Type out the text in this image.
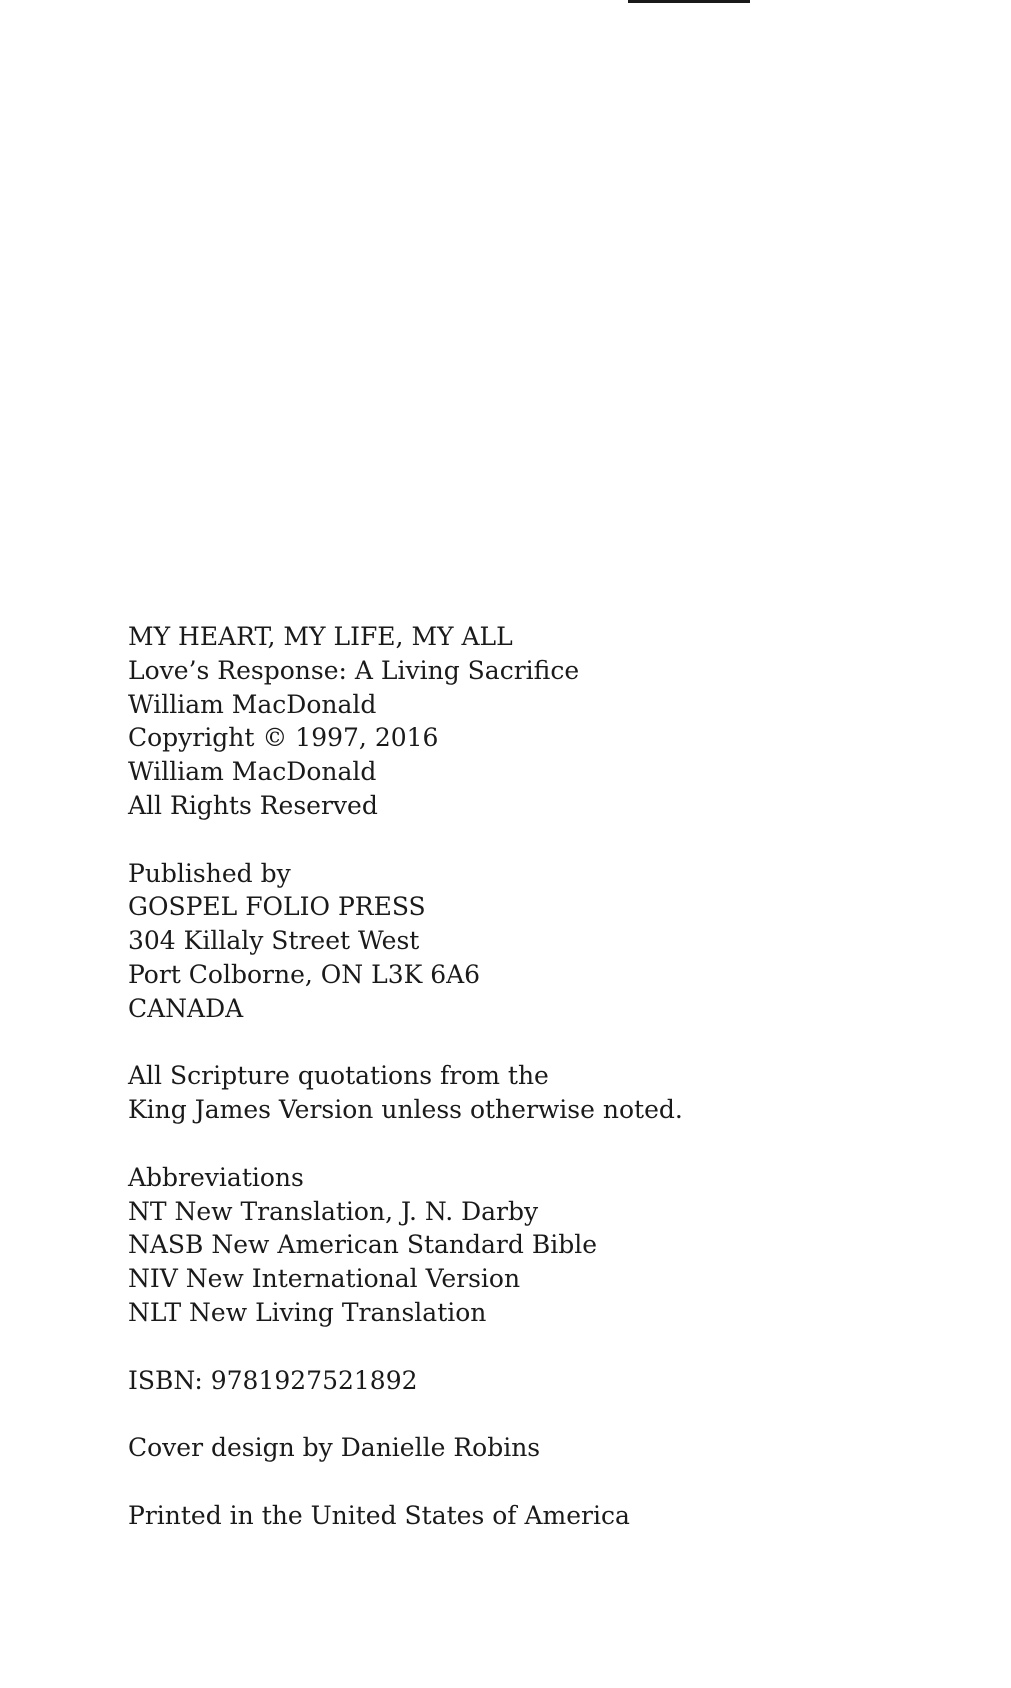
MY HEART, MY LIFE, MY ALL
Love’s Response: A Living Sacrifice
William MacDonald
Copyright © 1997, 2016
William MacDonald
All Rights Reserved
Published by
GOSPEL FOLIO PRESS
304 Killaly Street West
Port Colborne, ON L3K 6A6
CANADA
All Scripture quotations from the
King James Version unless otherwise noted.
Abbreviations
NT New Translation, J. N. Darby
NASB New American Standard Bible
NIV New International Version
NLT New Living Translation
ISBN: 9781927521892
Cover design by Danielle Robins
Printed in the United States of America
